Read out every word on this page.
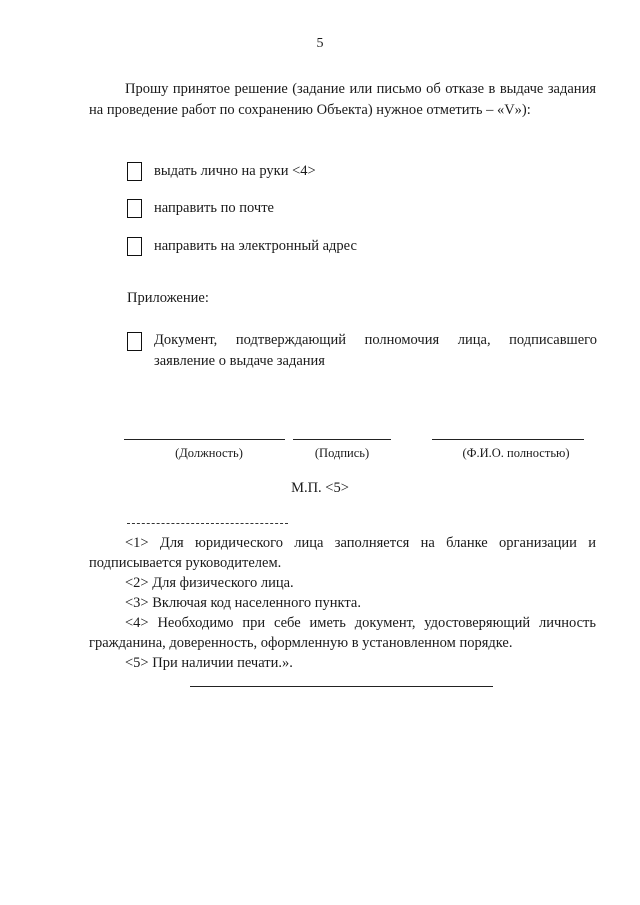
5
Прошу принятое решение (задание или письмо об отказе в выдаче задания на проведение работ по сохранению Объекта) нужное отметить – «V»):
выдать лично на руки <4>
направить по почте
направить на электронный адрес
Приложение:
Документ, подтверждающий полномочия лица, подписавшего заявление о выдаче задания
(Должность)	(Подпись)	(Ф.И.О. полностью)
М.П. <5>

<1> Для юридического лица заполняется на бланке организации и подписывается руководителем.

<2> Для физического лица.

<3> Включая код населенного пункта.

<4> Необходимо при себе иметь документ, удостоверяющий личность гражданина, доверенность, оформленную в установленном порядке.

<5> При наличии печати.».
